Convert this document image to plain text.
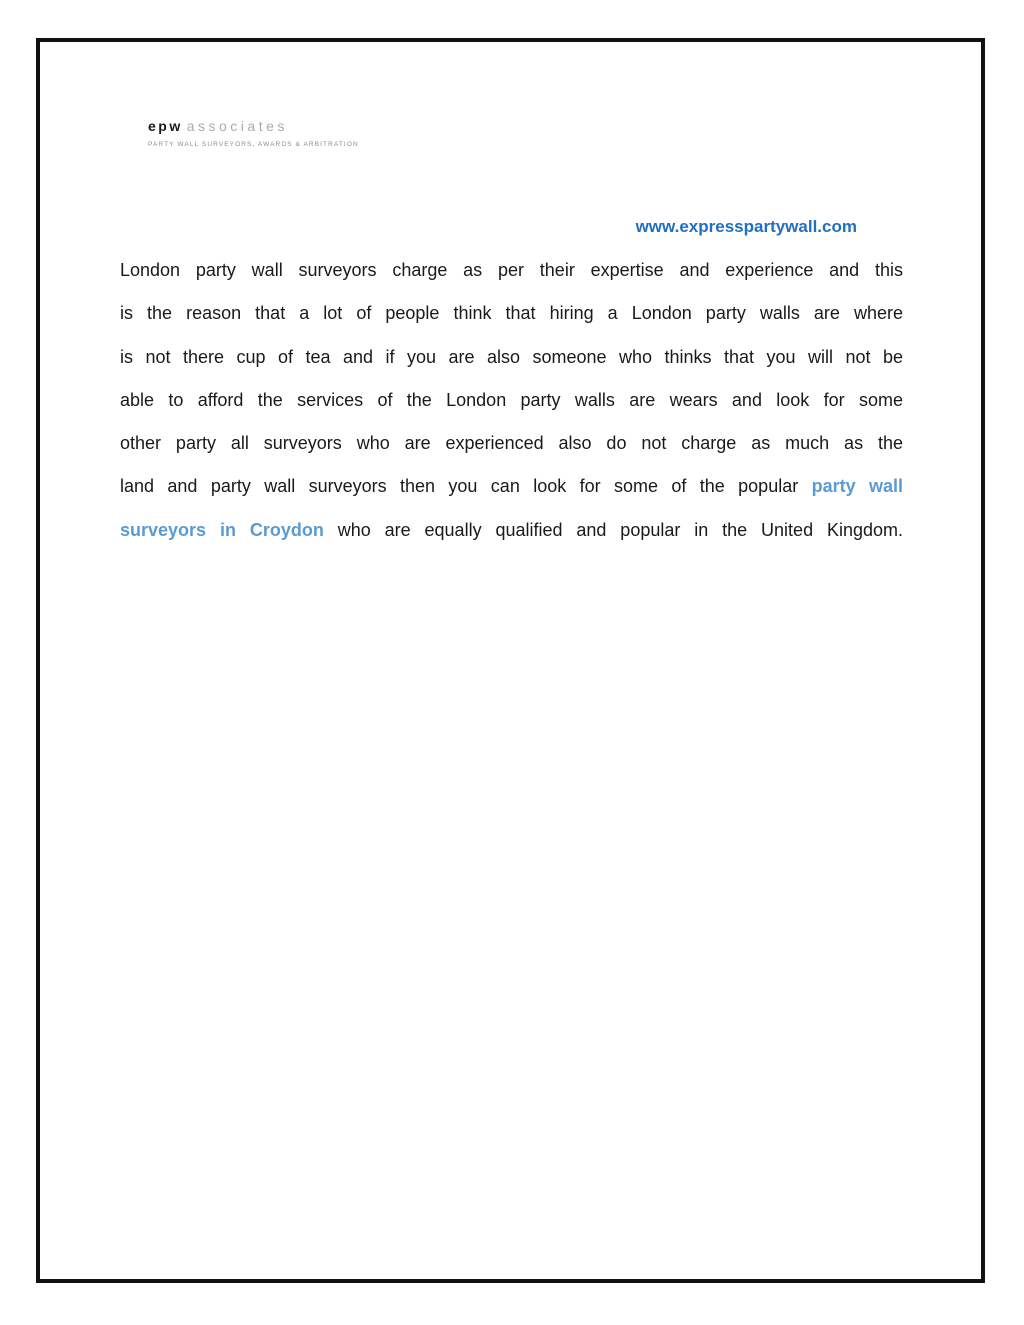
epw associates
PARTY WALL SURVEYORS, AWARDS & ARBITRATION
www.expresspartywall.com
London party wall surveyors charge as per their expertise and experience and this
is the reason that a lot of people think that hiring a London party walls are where
is not there cup of tea and if you are also someone who thinks that you will not be
able to afford the services of the London party walls are wears and look for some
other party all surveyors who are experienced also do not charge as much as the
land and party wall surveyors then you can look for some of the popular party wall
surveyors in Croydon who are equally qualified and popular in the United Kingdom.
